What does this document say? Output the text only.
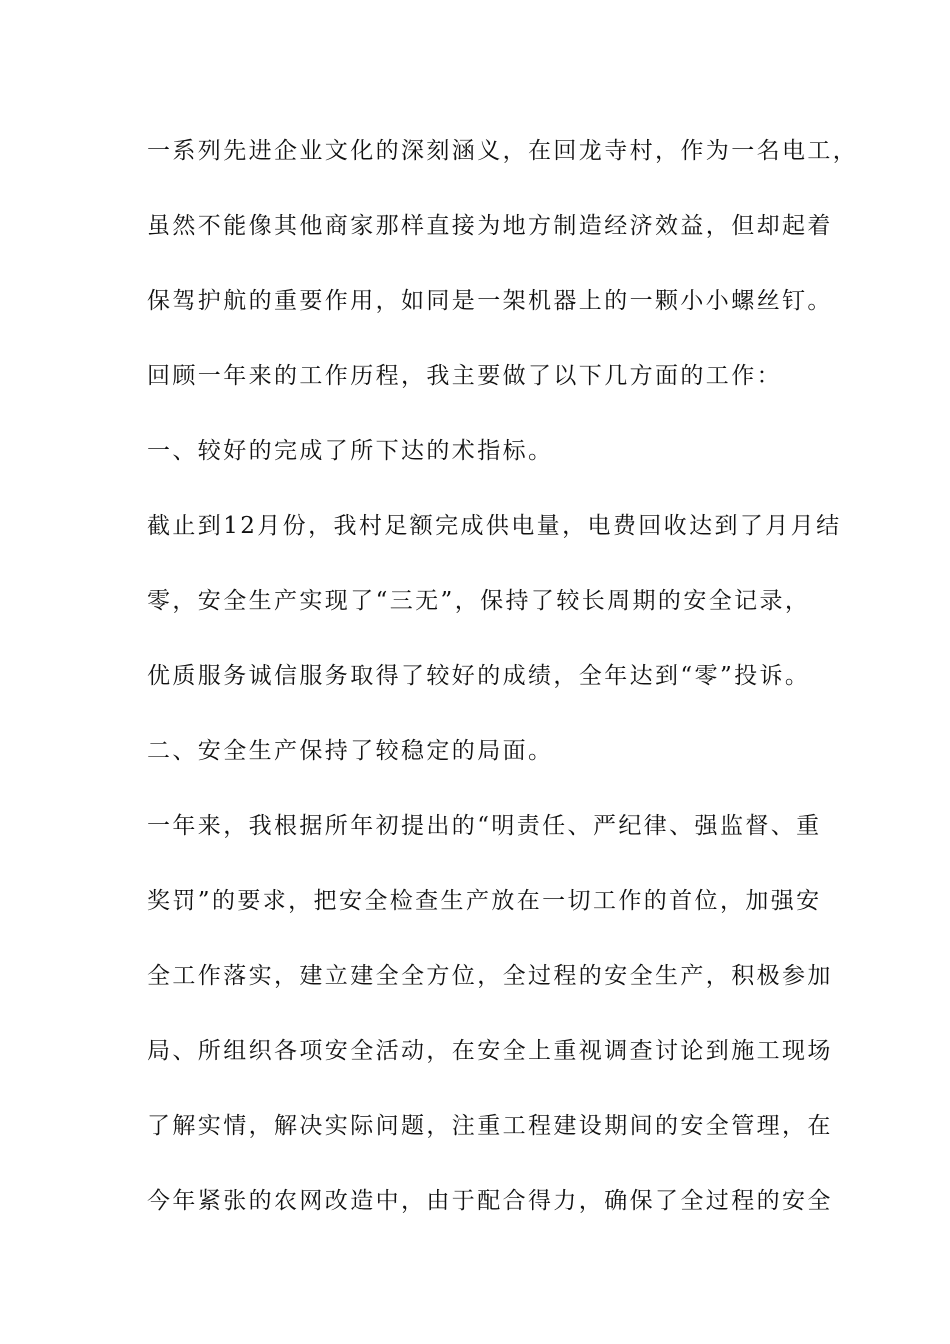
一系列先进企业文化的深刻涵义，在回龙寺村，作为一名电工，
虽然不能像其他商家那样直接为地方制造经济效益，但却起着
保驾护航的重要作用，如同是一架机器上的一颗小小螺丝钉。
回顾一年来的工作历程，我主要做了以下几方面的工作：
一、较好的完成了所下达的术指标。
截止到12月份，我村足额完成供电量，电费回收达到了月月结
零，安全生产实现了“三无”，保持了较长周期的安全记录，
优质服务诚信服务取得了较好的成绩，全年达到“零”投诉。
二、安全生产保持了较稳定的局面。
一年来，我根据所年初提出的“明责任、严纪律、强监督、重
奖罚”的要求，把安全检查生产放在一切工作的首位，加强安
全工作落实，建立建全全方位，全过程的安全生产，积极参加
局、所组织各项安全活动，在安全上重视调查讨论到施工现场
了解实情，解决实际问题，注重工程建设期间的安全管理，在
今年紧张的农网改造中，由于配合得力，确保了全过程的安全
